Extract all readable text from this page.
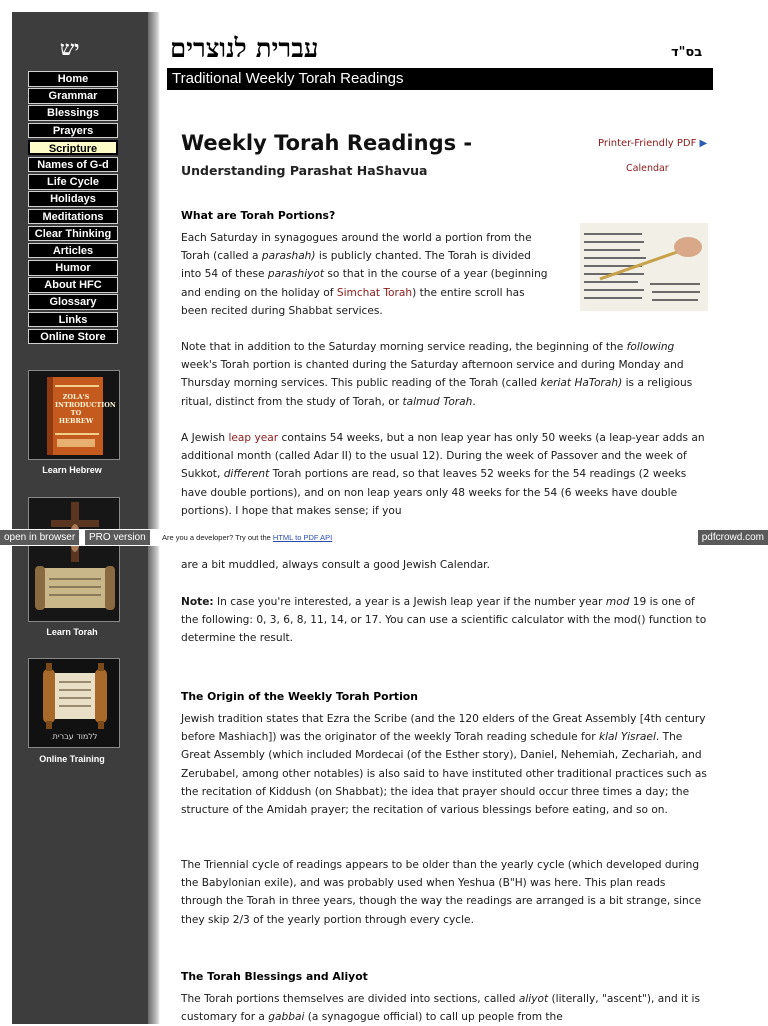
יש
Home
Grammar
Blessings
Prayers
Scripture
Names of G-d
Life Cycle
Holidays
Meditations
Clear Thinking
Articles
Humor
About HFC
Glossary
Links
Online Store
ZOLA'S INTRODUCTION TO HEBREW
Learn Hebrew
Learn Torah
ללמוד עברית
Online Training
עברית לנוצרים	בס"ד
Traditional Weekly Torah Readings
Weekly Torah Readings -
Understanding Parashat HaShavua
Printer-Friendly PDF ▶
Calendar
What are Torah Portions?

Each Saturday in synagogues around the world a portion from the Torah (called a parashah) is publicly chanted. The Torah is divided into 54 of these parashiyot so that in the course of a year (beginning and ending on the holiday of Simchat Torah) the entire scroll has been recited during Shabbat services.

Note that in addition to the Saturday morning service reading, the beginning of the following week's Torah portion is chanted during the Saturday afternoon service and during Monday and Thursday morning services. This public reading of the Torah (called keriat HaTorah) is a religious ritual, distinct from the study of Torah, or talmud Torah.

A Jewish leap year contains 54 weeks, but a non leap year has only 50 weeks (a leap-year adds an additional month (called Adar II) to the usual 12). During the week of Passover and the week of Sukkot, different Torah portions are read, so that leaves 52 weeks for the 54 readings (2 weeks have double portions), and on non leap years only 48 weeks for the 54 (6 weeks have double portions). I hope that makes sense; if you

open in browser	PRO version	Are you a developer? Try out the HTML to PDF API	pdfcrowd.com
are a bit muddled, always consult a good Jewish Calendar.

Note: In case you're interested, a year is a Jewish leap year if the number year mod 19 is one of the following: 0, 3, 6, 8, 11, 14, or 17. You can use a scientific calculator with the mod() function to determine the result.

The Origin of the Weekly Torah Portion

Jewish tradition states that Ezra the Scribe (and the 120 elders of the Great Assembly [4th century before Mashiach]) was the originator of the weekly Torah reading schedule for klal Yisrael. The Great Assembly (which included Mordecai (of the Esther story), Daniel, Nehemiah, Zechariah, and Zerubabel, among other notables) is also said to have instituted other traditional practices such as the recitation of Kiddush (on Shabbat); the idea that prayer should occur three times a day; the structure of the Amidah prayer; the recitation of various blessings before eating, and so on.

The Triennial cycle of readings appears to be older than the yearly cycle (which developed during the Babylonian exile), and was probably used when Yeshua (B"H) was here. This plan reads through the Torah in three years, though the way the readings are arranged is a bit strange, since they skip 2/3 of the yearly portion through every cycle.
The Torah Blessings and Aliyot

The Torah portions themselves are divided into sections, called aliyot (literally, "ascent"), and it is customary for a gabbai (a synagogue official) to call up people from the
